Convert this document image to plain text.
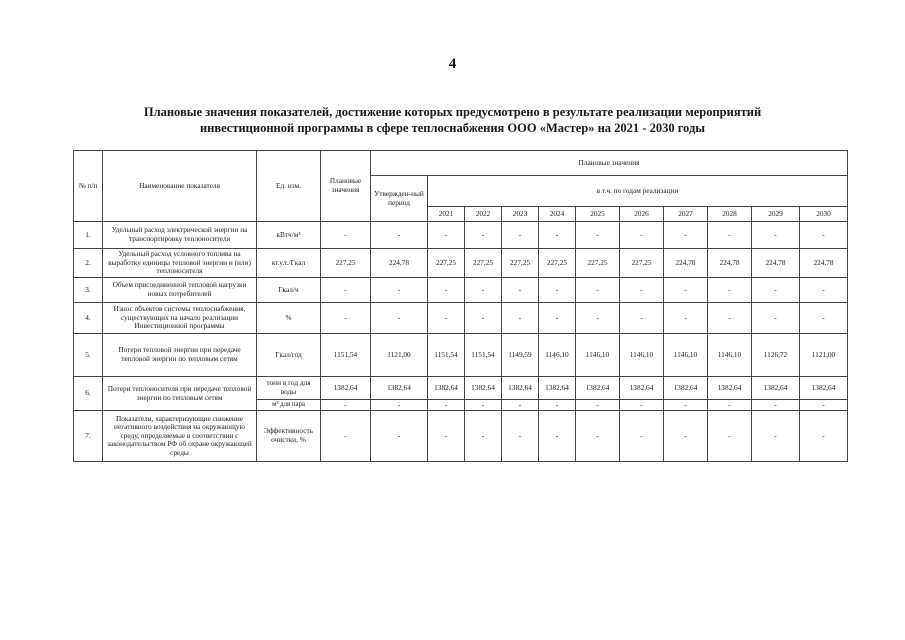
4
Плановые значения показателей, достижение которых предусмотрено в результате реализации мероприятий
инвестиционной программы в сфере теплоснабжения ООО «Мастер» на 2021 - 2030 годы
№ п/п	Наименование показателя	Ед. изм.	Плановые значения	Плановые значения										
				Утвержден-ный период	в т.ч. по годам реализации									
					2021	2022	2023	2024	2025	2026	2027	2028	2029	2030
1.	Удельный расход электрической энергии на транспортировку теплоносителя	кВтч/м³	-	-	-	-	-	-	-	-	-	-	-	-
2.	Удельный расход условного топлива на выработку единицы тепловой энергии и (или) теплоносителя	кг.у.т./Гкал	227,25	224,78	227,25	227,25	227,25	227,25	227,25	227,25	224,78	224,78	224,78	224,78
3.	Объем присоединенной тепловой нагрузки новых потребителей	Гкал/ч	-	-	-	-	-	-	-	-	-	-	-	-
4.	Износ объектов системы теплоснабжения, существующих на начало реализации Инвестиционной программы	%	-	-	-	-	-	-	-	-	-	-	-	-
5.	Потери тепловой энергии при передаче тепловой энергии по тепловым сетям	Гкал/год	1151,54	1121,00	1151,54	1151,54	1149,59	1146,10	1146,10	1146,10	1146,10	1146,10	1126,72	1121,00
6.	Потери теплоносителя при передаче тепловой энергии по тепловым сетям	тонн в год для воды	1382,64	1382,64	1382,64	1382,64	1382,64	1382,64	1382,64	1382,64	1382,64	1382,64	1382,64	1382,64
		м³ для пара	-	-	-	-	-	-	-	-	-	-	-	-
7.	Показатели, характеризующие снижение негативного воздействия на окружающую среду, определяемые в соответствии с законодательством РФ об охране окружающей среды	Эффективность очистки, %	-	-	-	-	-	-	-	-	-	-	-	-
